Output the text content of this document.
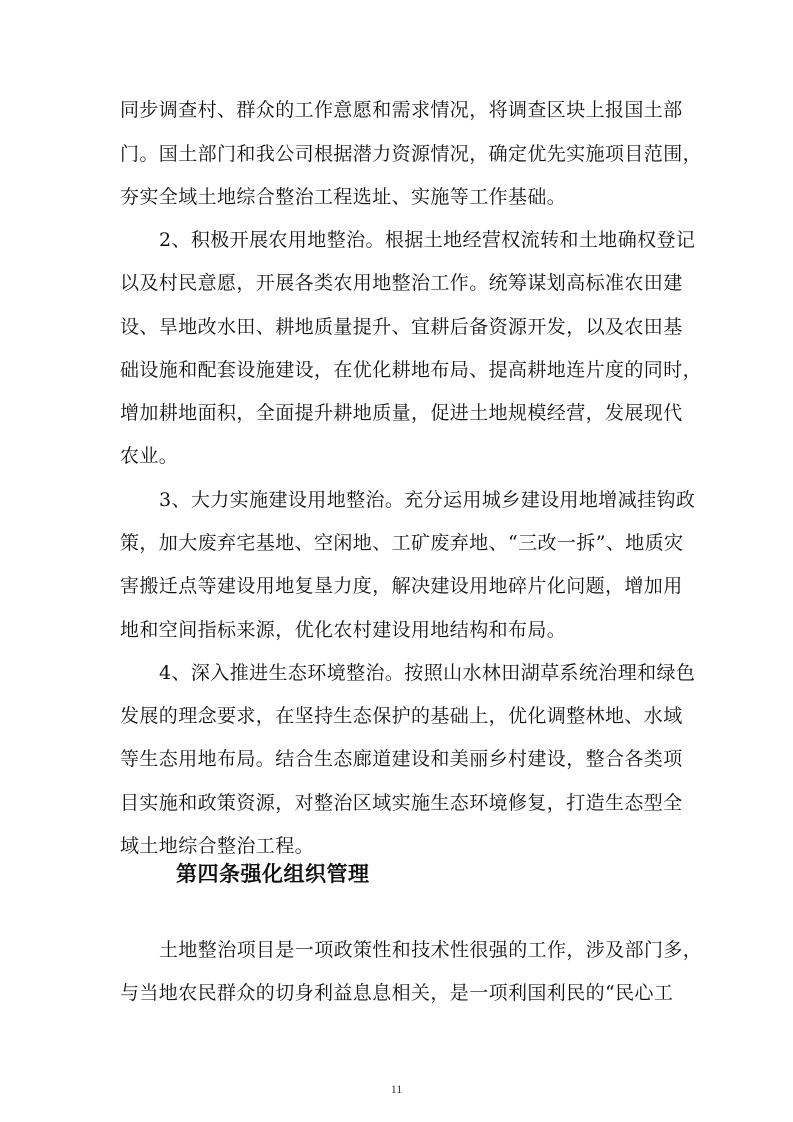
同步调查村、群众的工作意愿和需求情况，将调查区块上报国土部
门。国土部门和我公司根据潜力资源情况，确定优先实施项目范围，
夯实全域土地综合整治工程选址、实施等工作基础。
2、积极开展农用地整治。根据土地经营权流转和土地确权登记
以及村民意愿，开展各类农用地整治工作。统筹谋划高标准农田建
设、旱地改水田、耕地质量提升、宜耕后备资源开发，以及农田基
础设施和配套设施建设，在优化耕地布局、提高耕地连片度的同时，
增加耕地面积，全面提升耕地质量，促进土地规模经营，发展现代
农业。
3、大力实施建设用地整治。充分运用城乡建设用地增减挂钩政
策，加大废弃宅基地、空闲地、工矿废弃地、“三改一拆”、地质灾
害搬迁点等建设用地复垦力度，解决建设用地碎片化问题，增加用
地和空间指标来源，优化农村建设用地结构和布局。
4、深入推进生态环境整治。按照山水林田湖草系统治理和绿色
发展的理念要求，在坚持生态保护的基础上，优化调整林地、水域
等生态用地布局。结合生态廊道建设和美丽乡村建设，整合各类项
目实施和政策资源，对整治区域实施生态环境修复，打造生态型全
域土地综合整治工程。
第四条强化组织管理
土地整治项目是一项政策性和技术性很强的工作，涉及部门多，
与当地农民群众的切身利益息息相关，是一项利国利民的“民心工
11
